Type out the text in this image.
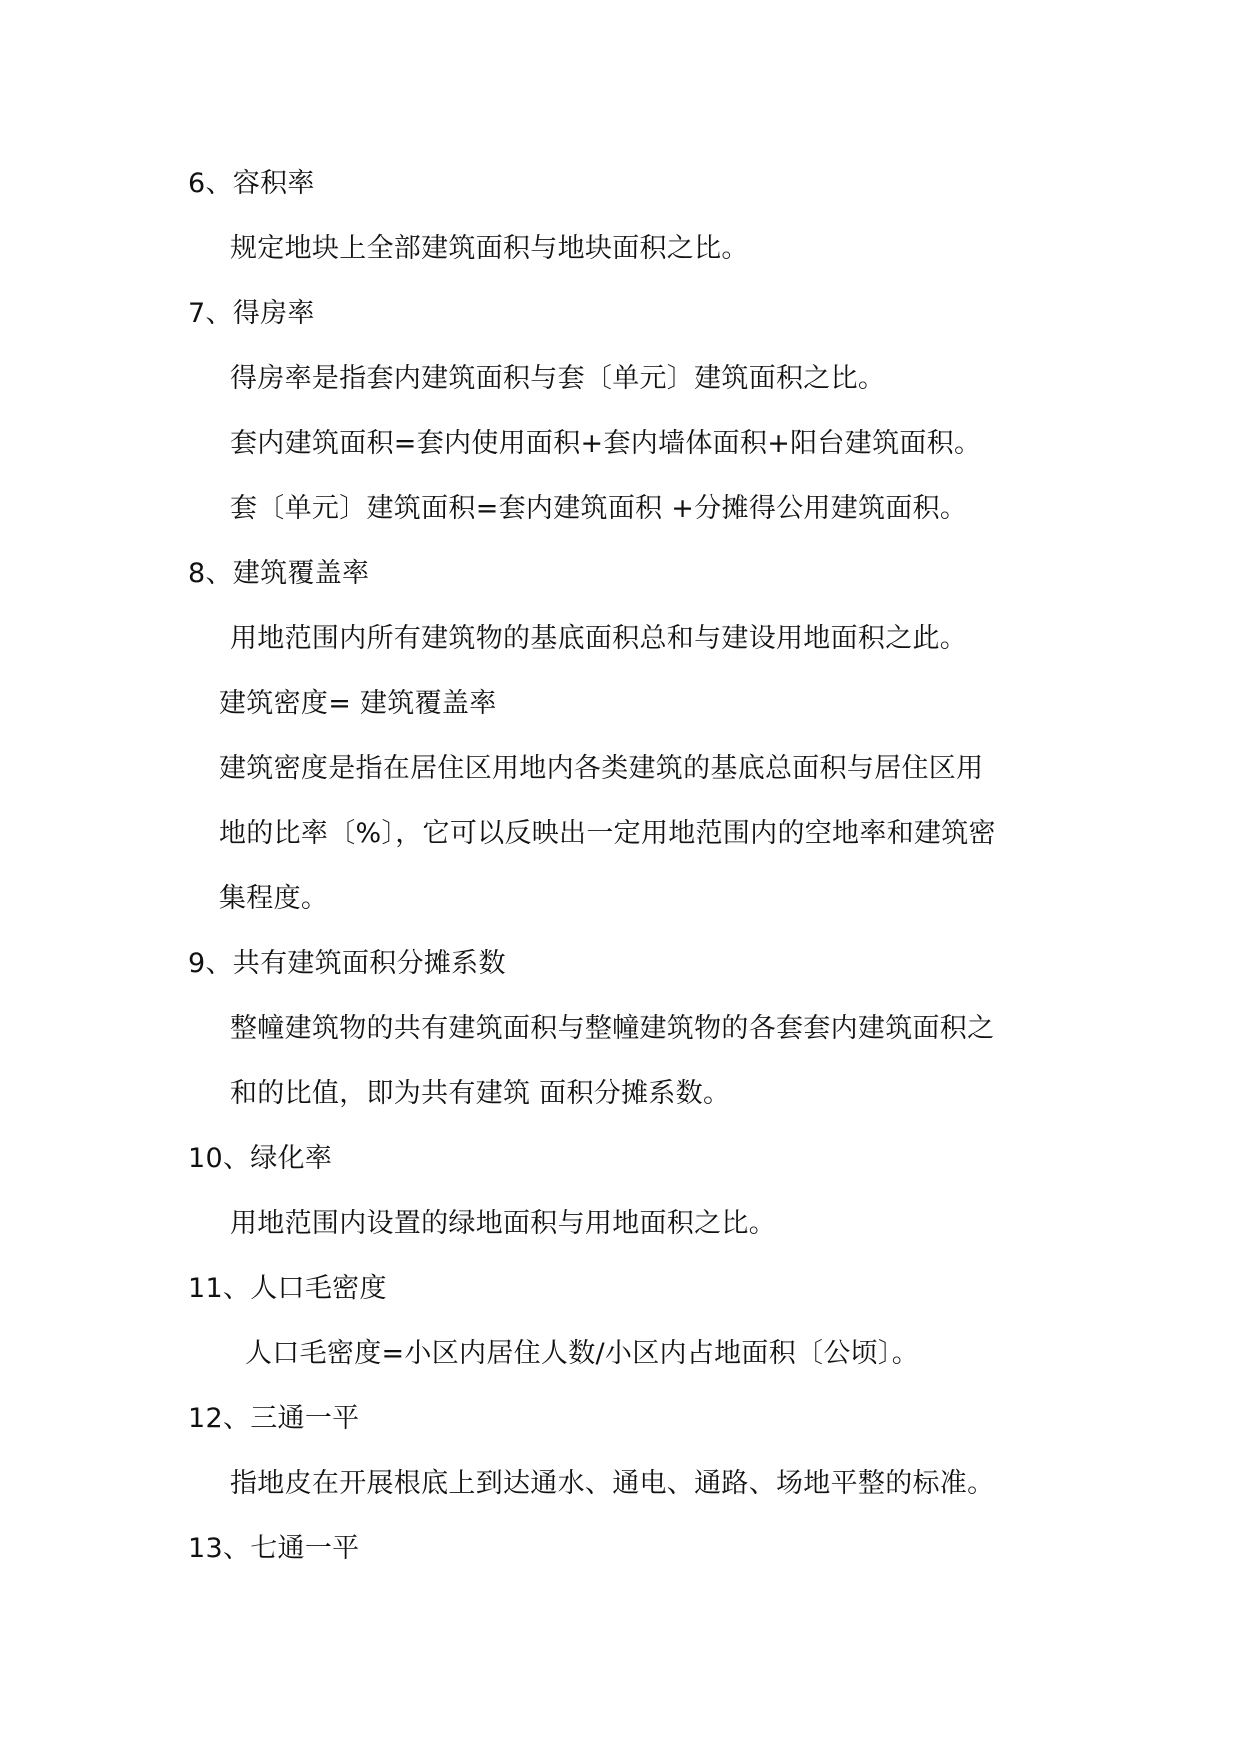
6、容积率
规定地块上全部建筑面积与地块面积之比。
7、得房率
得房率是指套内建筑面积与套〔单元〕建筑面积之比。
套内建筑面积=套内使用面积+套内墙体面积+阳台建筑面积。
套〔单元〕建筑面积=套内建筑面积 +分摊得公用建筑面积。
8、建筑覆盖率
用地范围内所有建筑物的基底面积总和与建设用地面积之此。
建筑密度= 建筑覆盖率
建筑密度是指在居住区用地内各类建筑的基底总面积与居住区用
地的比率〔%〕，它可以反映出一定用地范围内的空地率和建筑密
集程度。
9、共有建筑面积分摊系数
整幢建筑物的共有建筑面积与整幢建筑物的各套套内建筑面积之
和的比值，即为共有建筑 面积分摊系数。
10、绿化率
用地范围内设置的绿地面积与用地面积之比。
11、人口毛密度
人口毛密度=小区内居住人数/小区内占地面积〔公顷〕。
12、三通一平
指地皮在开展根底上到达通水、通电、通路、场地平整的标准。
13、七通一平
